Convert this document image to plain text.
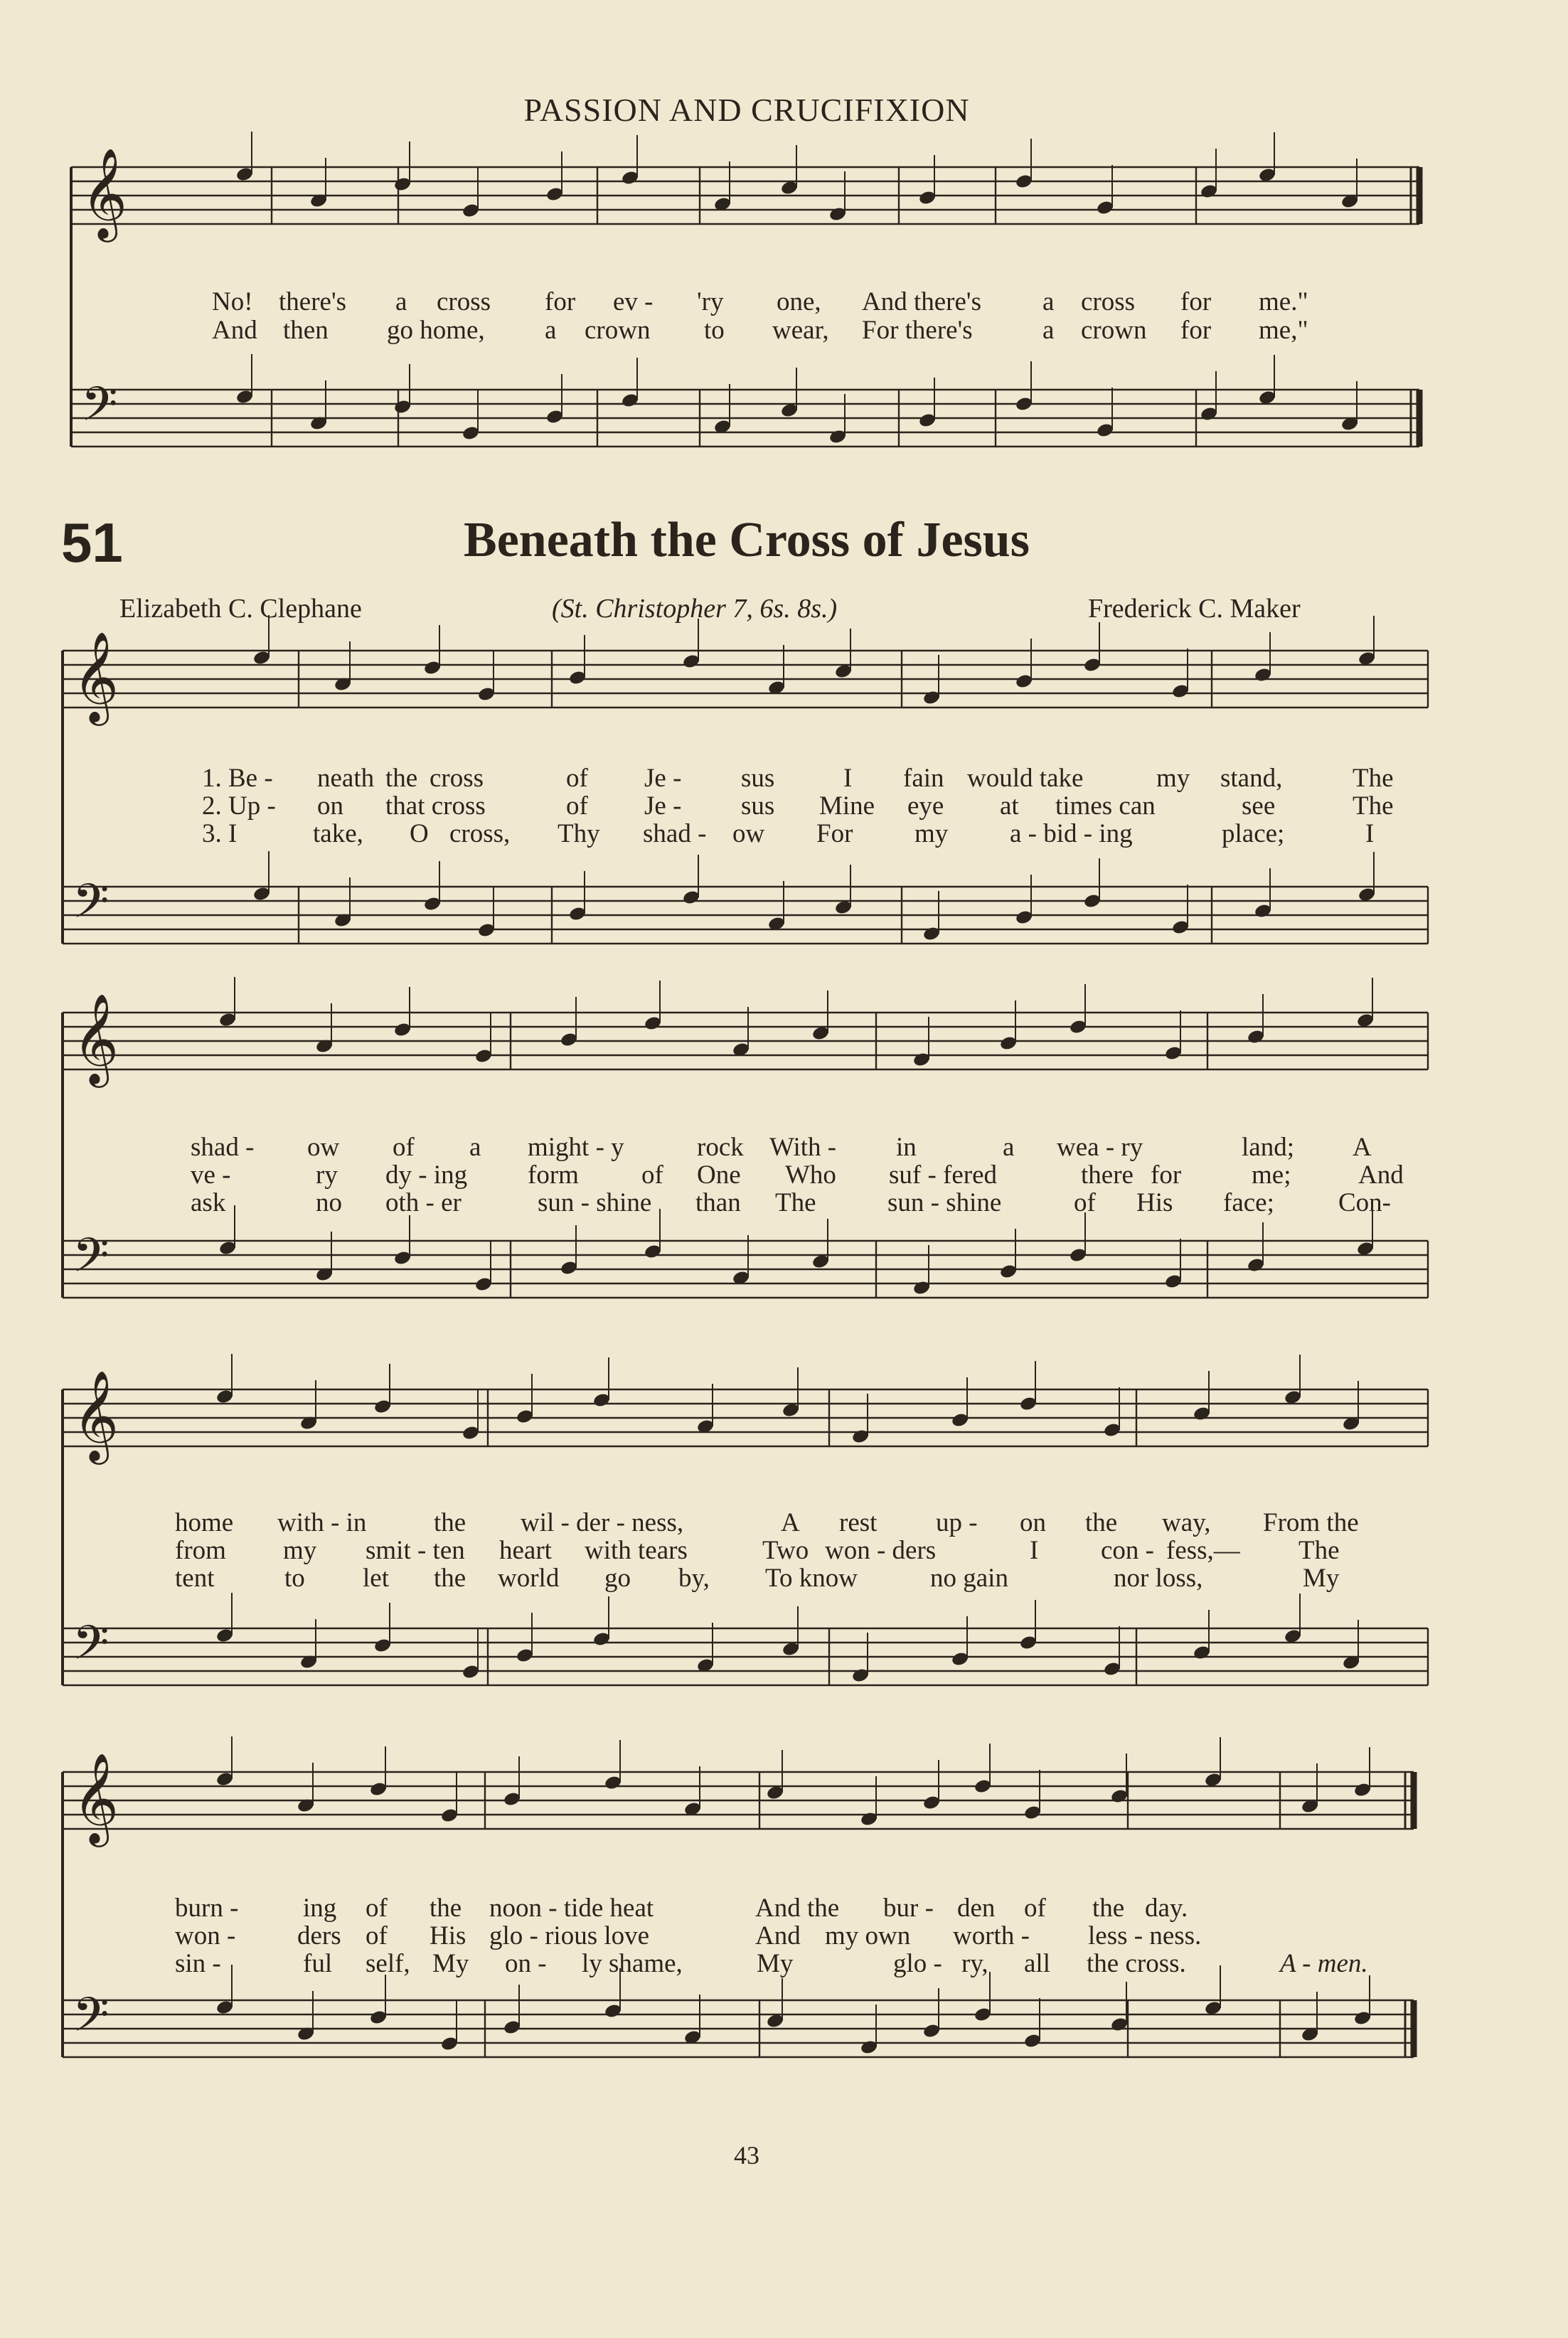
PASSION AND CRUCIFIXION
𝄞
𝄢
𝄞
𝄢
𝄞
𝄢
𝄞
𝄢
𝄞
𝄢
No! there's a cross for ev - 'ry one, And there's a cross for me."
And then go home, a crown to wear, For there's	a crown for me,"
51	Beneath the Cross of Jesus
Elizabeth C. Clephane	(St. Christopher 7, 6s. 8s.)	Frederick C. Maker
1. Be - neath the cross	of Je - sus	I fain would take	my stand,	The
2. Up - on that cross	of Je - sus Mine eye at times can	see	The
3. I	take, O cross, Thy shad - ow For my a - bid - ing	place;	I
shad - ow of a might - y	rock With - in	a wea - ry	land; A
ve -	ry dy - ing form of One Who suf - fered	there for	me;	And
ask	no oth - er	sun - shine than The	sun - shine	of His face; Con-
home with - in	the wil - der - ness,	A rest up - on the way, From the
from my smit - ten heart with tears	Two won - ders	I con - fess,— The
tent	to let the world go by, To know	no gain	nor loss,	My
burn - ing of the noon - tide heat	And the bur - den of the day.
won - ders of His glo - rious love	And my own worth - less - ness.
sin -	ful self, My on - ly shame,	My	glo - ry, all the cross.	A - men.
43
